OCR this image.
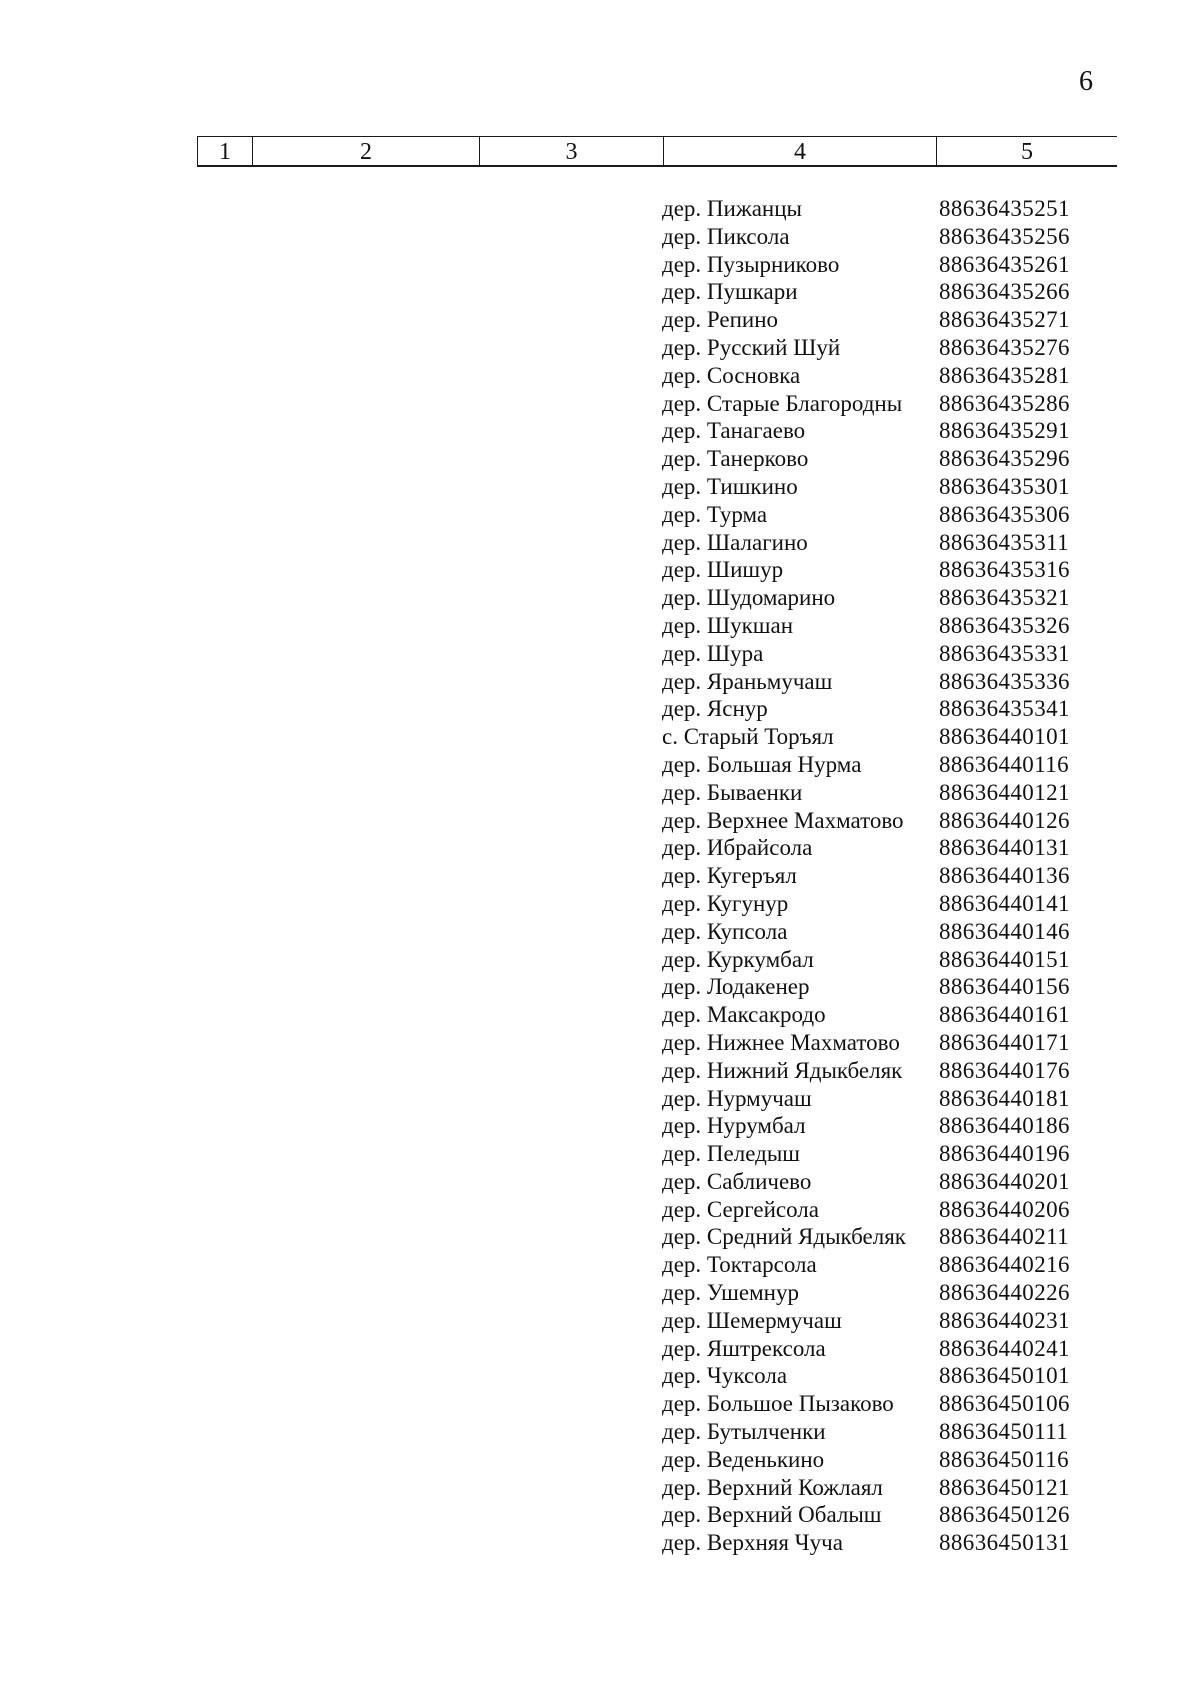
6
1	2	3	4	5
дер. Пижанцы	88636435251
дер. Пиксола	88636435256
дер. Пузырниково	88636435261
дер. Пушкари	88636435266
дер. Репино	88636435271
дер. Русский Шуй	88636435276
дер. Сосновка	88636435281
дер. Старые Благородны 88636435286
дер. Танагаево	88636435291
дер. Танерково	88636435296
дер. Тишкино	88636435301
дер. Турма	88636435306
дер. Шалагино	88636435311
дер. Шишур	88636435316
дер. Шудомарино	88636435321
дер. Шукшан	88636435326
дер. Шура	88636435331
дер. Яраньмучаш	88636435336
дер. Яснур	88636435341
с. Старый Торъял	88636440101
дер. Большая Нурма	88636440116
дер. Бываенки	88636440121
дер. Верхнее Махматово 88636440126
дер. Ибрайсола	88636440131
дер. Кугеръял	88636440136
дер. Кугунур	88636440141
дер. Купсола	88636440146
дер. Куркумбал	88636440151
дер. Лодакенер	88636440156
дер. Максакродо	88636440161
дер. Нижнее Махматово 88636440171
дер. Нижний Ядыкбеляк 88636440176
дер. Нурмучаш	88636440181
дер. Нурумбал	88636440186
дер. Пеледыш	88636440196
дер. Сабличево	88636440201
дер. Сергейсола	88636440206
дер. Средний Ядыкбеляк 88636440211
дер. Токтарсола	88636440216
дер. Ушемнур	88636440226
дер. Шемермучаш	88636440231
дер. Яштрексола	88636440241
дер. Чуксола	88636450101
дер. Большое Пызаково 88636450106
дер. Бутылченки	88636450111
дер. Веденькино	88636450116
дер. Верхний Кожлаял 88636450121
дер. Верхний Обалыш	88636450126
дер. Верхняя Чуча	88636450131
